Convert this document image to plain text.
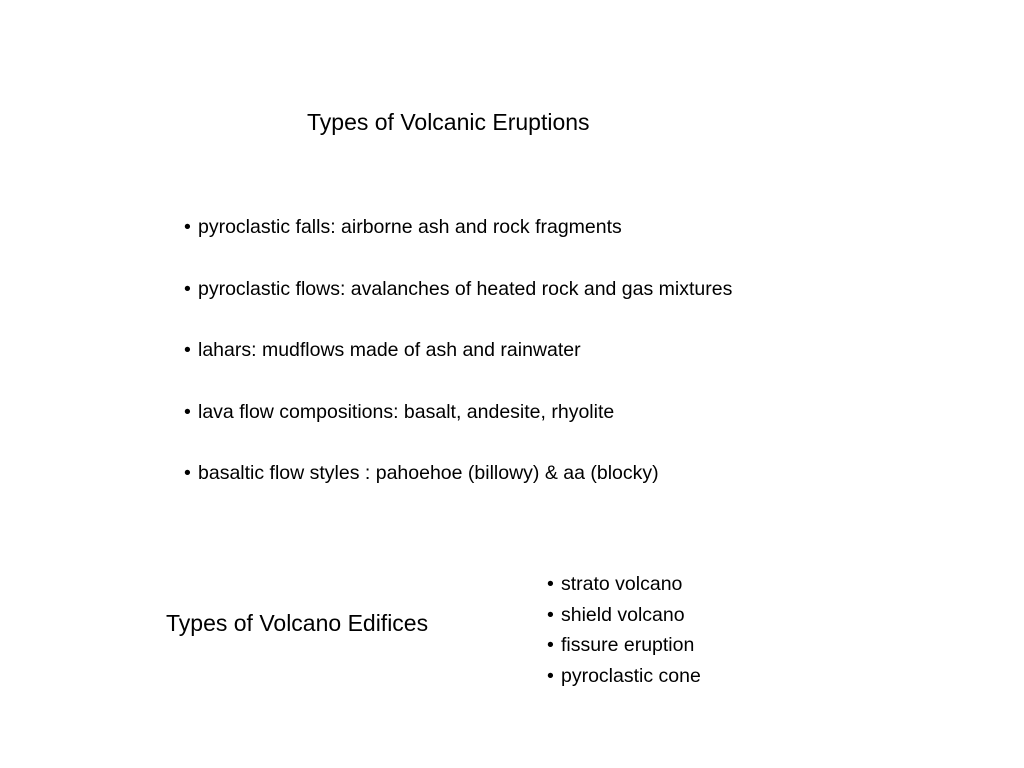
Types of Volcanic Eruptions
• pyroclastic falls: airborne ash and rock fragments
• pyroclastic flows: avalanches of heated rock and gas mixtures
• lahars: mudflows made of ash and rainwater
• lava flow compositions: basalt, andesite, rhyolite
• basaltic flow styles : pahoehoe (billowy) & aa (blocky)
Types of Volcano Edifices
• strato volcano
• shield volcano
• fissure eruption
• pyroclastic cone
